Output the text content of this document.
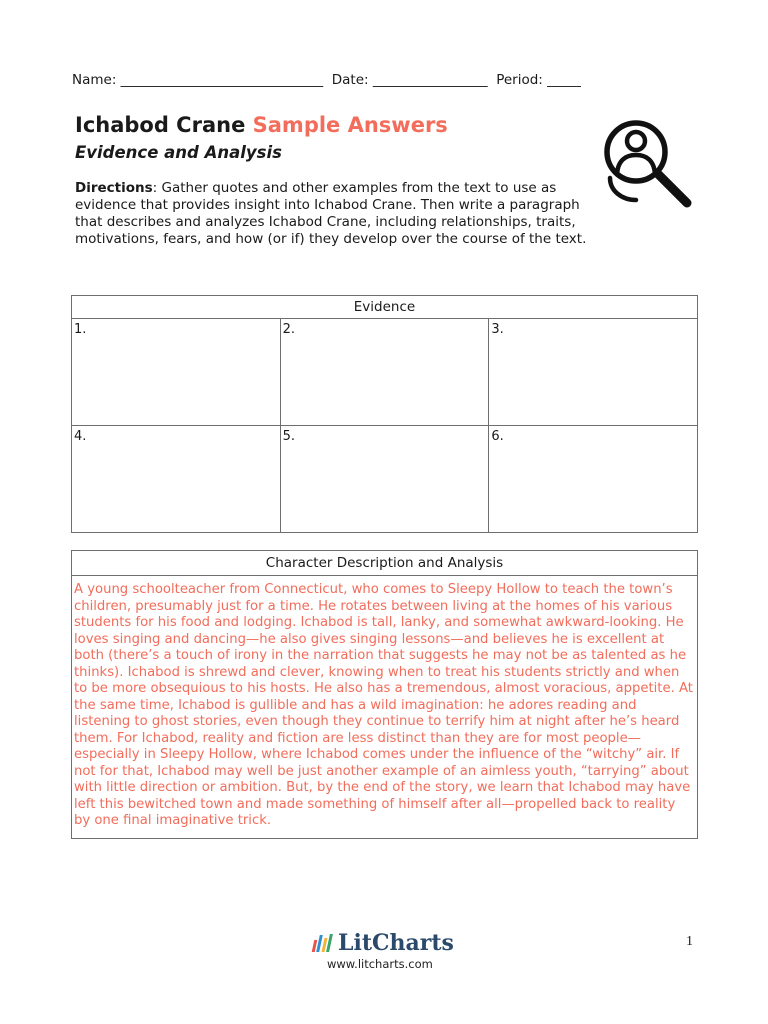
Name: ______________________________  Date: _________________  Period: _____
Ichabod Crane Sample Answers
Evidence and Analysis
Directions: Gather quotes and other examples from the text to use as evidence that provides insight into Ichabod Crane. Then write a paragraph that describes and analyzes Ichabod Crane, including relationships, traits, motivations, fears, and how (or if) they develop over the course of the text.
Evidence		
1.	2.	3.
4.	5.	6.
Character Description and Analysis
A young schoolteacher from Connecticut, who comes to Sleepy Hollow to teach the town’s children, presumably just for a time. He rotates between living at the homes of his various students for his food and lodging. Ichabod is tall, lanky, and somewhat awkward-looking. He loves singing and dancing—he also gives singing lessons—and believes he is excellent at both (there’s a touch of irony in the narration that suggests he may not be as talented as he thinks). Ichabod is shrewd and clever, knowing when to treat his students strictly and when to be more obsequious to his hosts. He also has a tremendous, almost voracious, appetite. At the same time, Ichabod is gullible and has a wild imagination: he adores reading and listening to ghost stories, even though they continue to terrify him at night after he’s heard them. For Ichabod, reality and fiction are less distinct than they are for most people—especially in Sleepy Hollow, where Ichabod comes under the influence of the “witchy” air. If not for that, Ichabod may well be just another example of an aimless youth, “tarrying” about with little direction or ambition. But, by the end of the story, we learn that Ichabod may have left this bewitched town and made something of himself after all—propelled back to reality by one final imaginative trick.
LitCharts
www.litcharts.com
1
